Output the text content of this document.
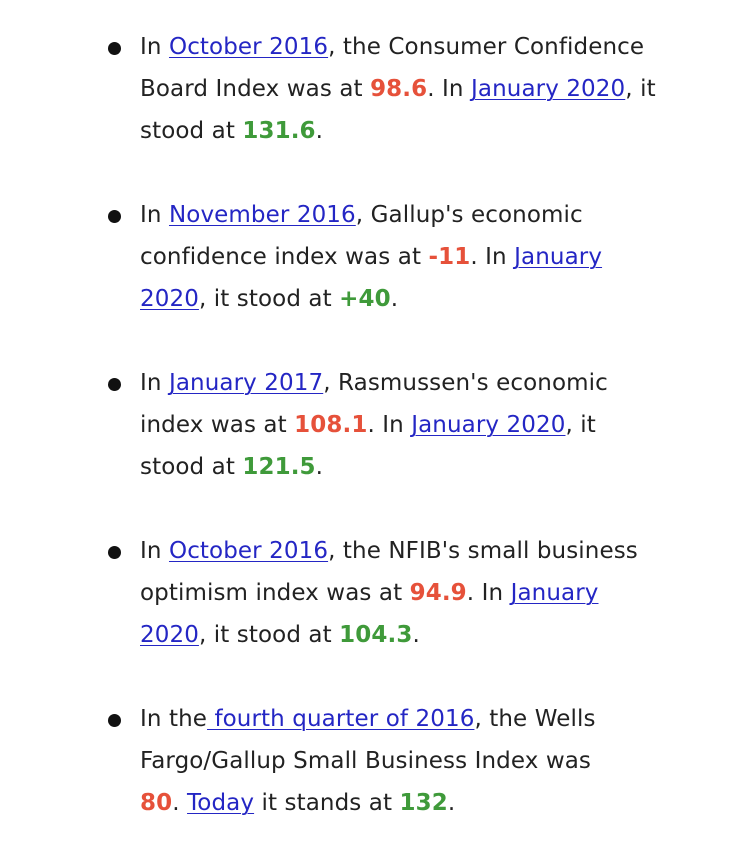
In October 2016, the Consumer Confidence Board Index was at 98.6. In January 2020, it stood at 131.6.
In November 2016, Gallup's economic confidence index was at -11. In January 2020, it stood at +40.
In January 2017, Rasmussen's economic index was at 108.1. In January 2020, it stood at 121.5.
In October 2016, the NFIB's small business optimism index was at 94.9. In January 2020, it stood at 104.3.
In the fourth quarter of 2016, the Wells Fargo/Gallup Small Business Index was 80. Today it stands at 132.
